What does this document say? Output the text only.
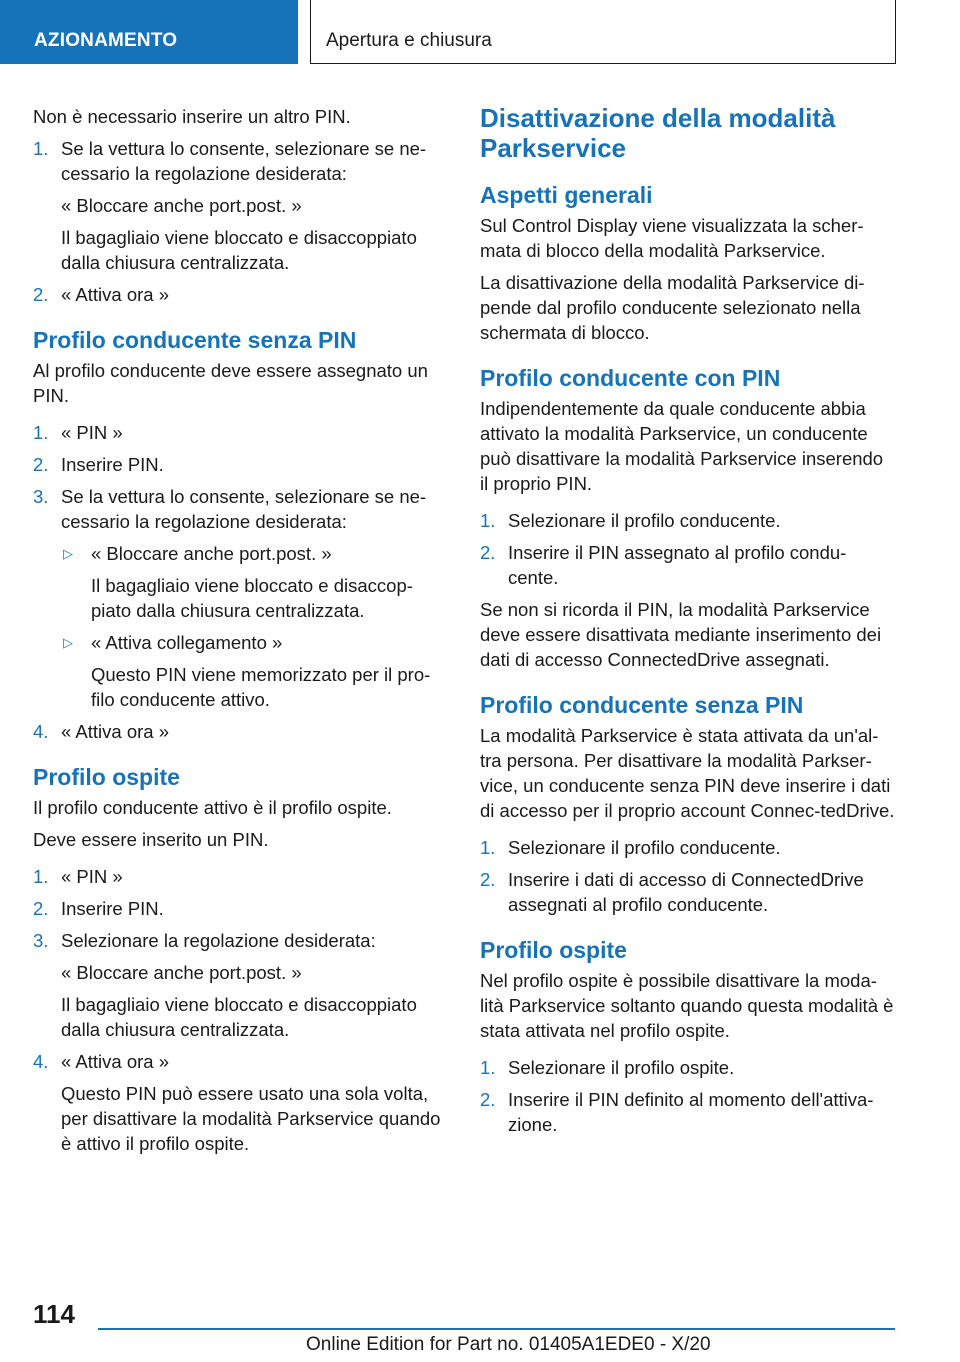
AZIONAMENTO	Apertura e chiusura

Non è necessario inserire un altro PIN.

1. Se la vettura lo consente, selezionare se ne-cessario la regolazione desiderata:
« Bloccare anche port.post. »
Il bagagliaio viene bloccato e disaccoppiato dalla chiusura centralizzata.
2. « Attiva ora »
Profilo conducente senza PIN

Al profilo conducente deve essere assegnato un PIN.

1. « PIN »
2. Inserire PIN.
3. Se la vettura lo consente, selezionare se ne-cessario la regolazione desiderata:
▷ « Bloccare anche port.post. »
Il bagagliaio viene bloccato e disaccop-piato dalla chiusura centralizzata.
▷ « Attiva collegamento »
Questo PIN viene memorizzato per il pro-filo conducente attivo.
4. « Attiva ora »
Profilo ospite

Il profilo conducente attivo è il profilo ospite.

Deve essere inserito un PIN.

1. « PIN »
2. Inserire PIN.
3. Selezionare la regolazione desiderata:
« Bloccare anche port.post. »
Il bagagliaio viene bloccato e disaccoppiato dalla chiusura centralizzata.
4. « Attiva ora »
Questo PIN può essere usato una sola volta, per disattivare la modalità Parkservice quando è attivo il profilo ospite.
Disattivazione della modalità Parkservice
Aspetti generali

Sul Control Display viene visualizzata la scher-mata di blocco della modalità Parkservice.

La disattivazione della modalità Parkservice di-pende dal profilo conducente selezionato nella schermata di blocco.

Profilo conducente con PIN

Indipendentemente da quale conducente abbia attivato la modalità Parkservice, un conducente può disattivare la modalità Parkservice inserendo il proprio PIN.

1. Selezionare il profilo conducente.
2. Inserire il PIN assegnato al profilo condu-cente.

Se non si ricorda il PIN, la modalità Parkservice deve essere disattivata mediante inserimento dei dati di accesso ConnectedDrive assegnati.

Profilo conducente senza PIN

La modalità Parkservice è stata attivata da un'al-tra persona. Per disattivare la modalità Parkser-vice, un conducente senza PIN deve inserire i dati di accesso per il proprio account Connec-tedDrive.

1. Selezionare il profilo conducente.
2. Inserire i dati di accesso di ConnectedDrive assegnati al profilo conducente.
Profilo ospite

Nel profilo ospite è possibile disattivare la moda-lità Parkservice soltanto quando questa modalità è stata attivata nel profilo ospite.

1. Selezionare il profilo ospite.
2. Inserire il PIN definito al momento dell'attiva-zione.
114
Online Edition for Part no. 01405A1EDE0 - X/20
